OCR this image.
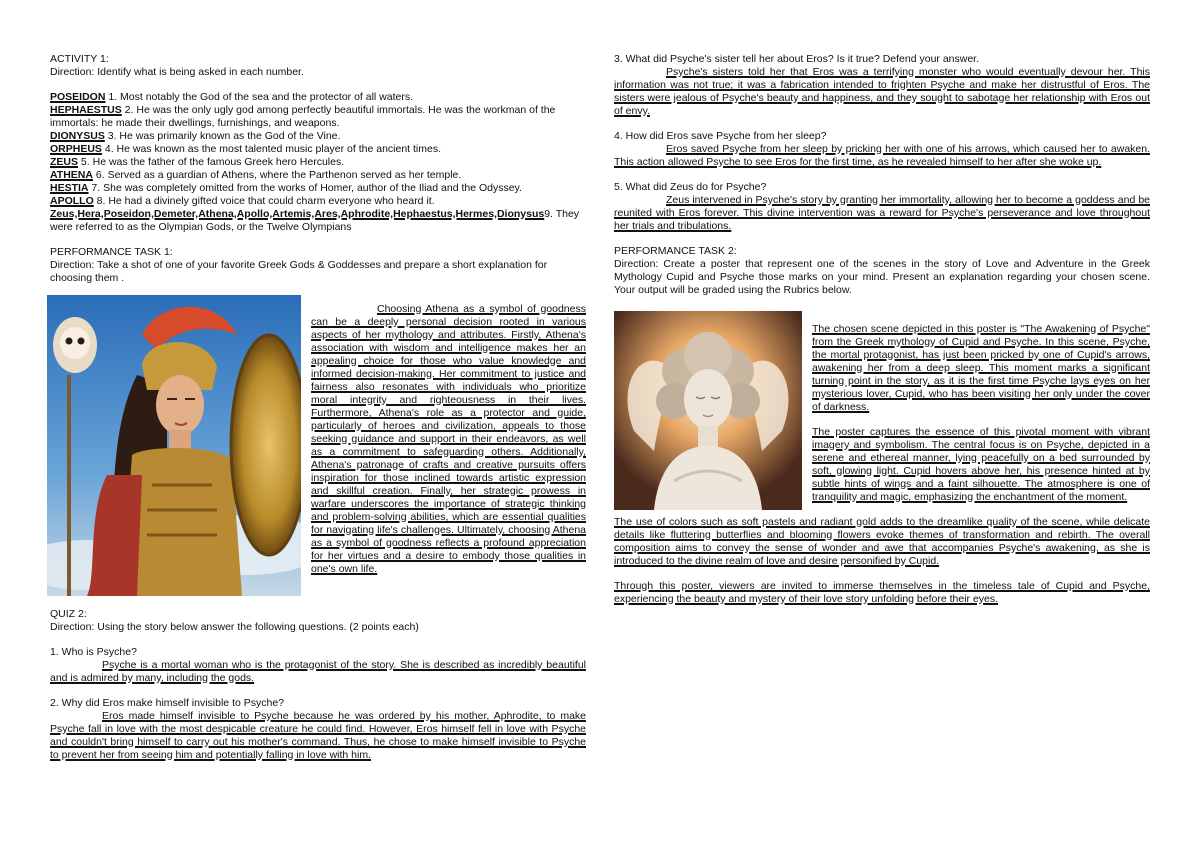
ACTIVITY 1:

Direction: Identify what is being asked in each number.

POSEIDON 1. Most notably the God of the sea and the protector of all waters.

HEPHAESTUS 2. He was the only ugly god among perfectly beautiful immortals. He was the workman of the immortals: he made their dwellings, furnishings, and weapons.

DIONYSUS 3. He was primarily known as the God of the Vine.

ORPHEUS 4. He was known as the most talented music player of the ancient times.

ZEUS 5. He was the father of the famous Greek hero Hercules.

ATHENA 6. Served as a guardian of Athens, where the Parthenon served as her temple.

HESTIA 7. She was completely omitted from the works of Homer, author of the Iliad and the Odyssey.

APOLLO 8. He had a divinely gifted voice that could charm everyone who heard it.

Zeus,Hera,Poseidon,Demeter,Athena,Apollo,Artemis,Ares,Aphrodite,Hephaestus,Hermes,Dionysus9. They were referred to as the Olympian Gods, or the Twelve Olympians

PERFORMANCE TASK 1:

Direction: Take a shot of one of your favorite Greek Gods & Goddesses and prepare a short explanation for choosing them .

Choosing Athena as a symbol of goodness can be a deeply personal decision rooted in various aspects of her mythology and attributes. Firstly, Athena's association with wisdom and intelligence makes her an appealing choice for those who value knowledge and informed decision-making. Her commitment to justice and fairness also resonates with individuals who prioritize moral integrity and righteousness in their lives. Furthermore, Athena's role as a protector and guide, particularly of heroes and civilization, appeals to those seeking guidance and support in their endeavors, as well as a commitment to safeguarding others. Additionally, Athena's patronage of crafts and creative pursuits offers inspiration for those inclined towards artistic expression and skillful creation. Finally, her strategic prowess in warfare underscores the importance of strategic thinking and problem-solving abilities, which are essential qualities for navigating life's challenges. Ultimately, choosing Athena as a symbol of goodness reflects a profound appreciation for her virtues and a desire to embody those qualities in one's own life.

QUIZ 2:

Direction: Using the story below answer the following questions. (2 points each)

1. Who is Psyche?

Psyche is a mortal woman who is the protagonist of the story. She is described as incredibly beautiful and is admired by many, including the gods.

2. Why did Eros make himself invisible to Psyche?

Eros made himself invisible to Psyche because he was ordered by his mother, Aphrodite, to make Psyche fall in love with the most despicable creature he could find. However, Eros himself fell in love with Psyche and couldn't bring himself to carry out his mother's command. Thus, he chose to make himself invisible to Psyche to prevent her from seeing him and potentially falling in love with him.

3. What did Psyche's sister tell her about Eros? Is it true? Defend your answer.

Psyche's sisters told her that Eros was a terrifying monster who would eventually devour her. This information was not true; it was a fabrication intended to frighten Psyche and make her distrustful of Eros. The sisters were jealous of Psyche's beauty and happiness, and they sought to sabotage her relationship with Eros out of envy.

4. How did Eros save Psyche from her sleep?

Eros saved Psyche from her sleep by pricking her with one of his arrows, which caused her to awaken. This action allowed Psyche to see Eros for the first time, as he revealed himself to her after she woke up.

5. What did Zeus do for Psyche?

Zeus intervened in Psyche's story by granting her immortality, allowing her to become a goddess and be reunited with Eros forever. This divine intervention was a reward for Psyche's perseverance and love throughout her trials and tribulations.

PERFORMANCE TASK 2:

Direction: Create a poster that represent one of the scenes in the story of Love and Adventure in the Greek Mythology Cupid and Psyche those marks on your mind. Present an explanation regarding your chosen scene. Your output will be graded using the Rubrics below.

The chosen scene depicted in this poster is "The Awakening of Psyche" from the Greek mythology of Cupid and Psyche. In this scene, Psyche, the mortal protagonist, has just been pricked by one of Cupid's arrows, awakening her from a deep sleep. This moment marks a significant turning point in the story, as it is the first time Psyche lays eyes on her mysterious lover, Cupid, who has been visiting her only under the cover of darkness.

The poster captures the essence of this pivotal moment with vibrant imagery and symbolism. The central focus is on Psyche, depicted in a serene and ethereal manner, lying peacefully on a bed surrounded by soft, glowing light. Cupid hovers above her, his presence hinted at by subtle hints of wings and a faint silhouette. The atmosphere is one of tranquility and magic, emphasizing the enchantment of the moment.

The use of colors such as soft pastels and radiant gold adds to the dreamlike quality of the scene, while delicate details like fluttering butterflies and blooming flowers evoke themes of transformation and rebirth. The overall composition aims to convey the sense of wonder and awe that accompanies Psyche's awakening, as she is introduced to the divine realm of love and desire personified by Cupid.

Through this poster, viewers are invited to immerse themselves in the timeless tale of Cupid and Psyche, experiencing the beauty and mystery of their love story unfolding before their eyes.
